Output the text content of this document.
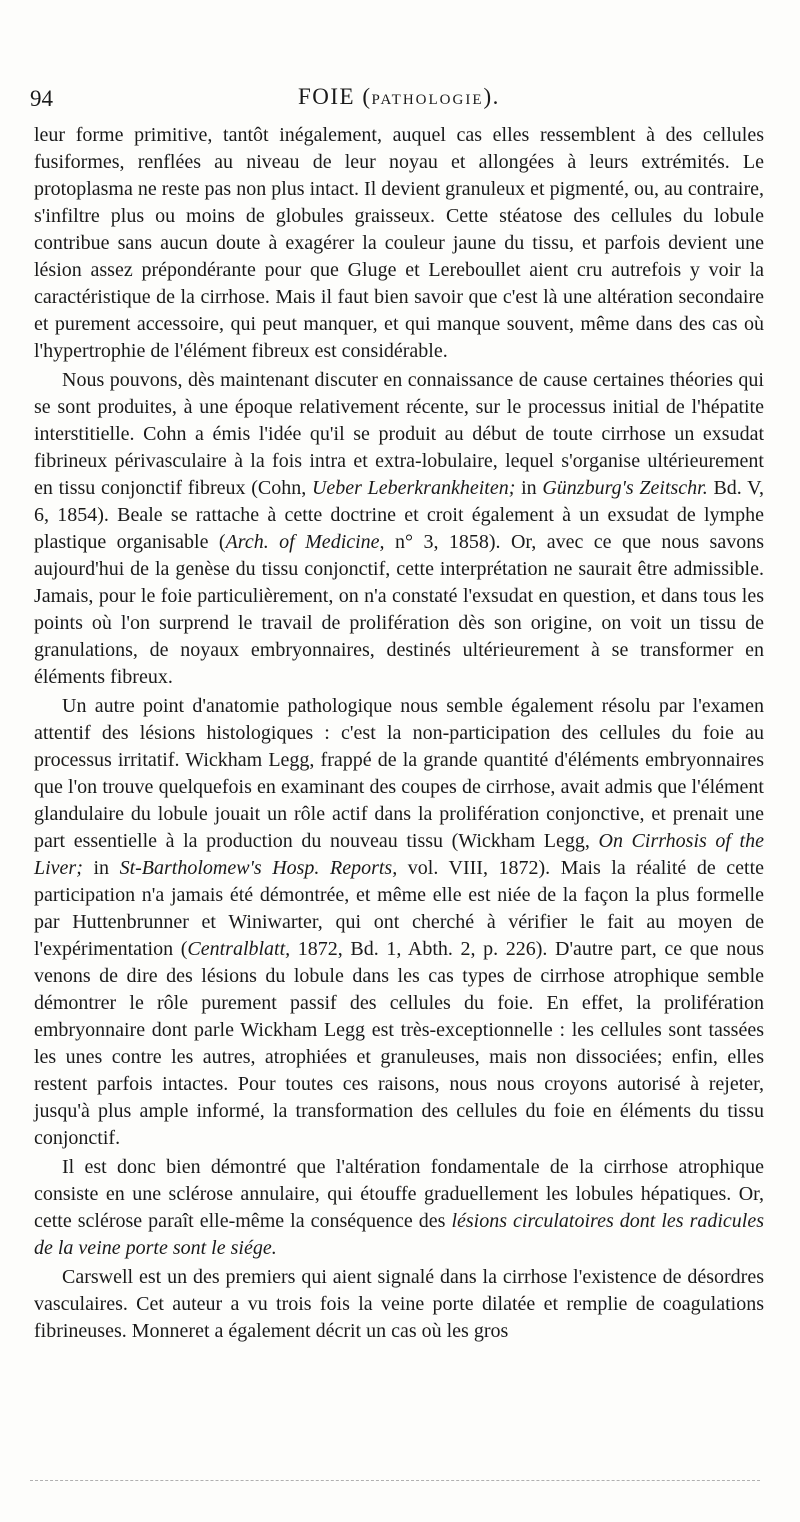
94	FOIE (PATHOLOGIE).

leur forme primitive, tantôt inégalement, auquel cas elles ressemblent à des cellules fusiformes, renflées au niveau de leur noyau et allongées à leurs extrémités. Le protoplasma ne reste pas non plus intact. Il devient granuleux et pigmenté, ou, au contraire, s'infiltre plus ou moins de globules graisseux. Cette stéatose des cellules du lobule contribue sans aucun doute à exagérer la couleur jaune du tissu, et parfois devient une lésion assez prépondérante pour que Gluge et Lereboullet aient cru autrefois y voir la caractéristique de la cirrhose. Mais il faut bien savoir que c'est là une altération secondaire et purement accessoire, qui peut manquer, et qui manque souvent, même dans des cas où l'hypertrophie de l'élément fibreux est considérable.

Nous pouvons, dès maintenant discuter en connaissance de cause certaines théories qui se sont produites, à une époque relativement récente, sur le processus initial de l'hépatite interstitielle. Cohn a émis l'idée qu'il se produit au début de toute cirrhose un exsudat fibrineux périvasculaire à la fois intra et extra-lobulaire, lequel s'organise ultérieurement en tissu conjonctif fibreux (Cohn, Ueber Leberkrankheiten; in Günzburg's Zeitschr. Bd. V, 6, 1854). Beale se rattache à cette doctrine et croit également à un exsudat de lymphe plastique organisable (Arch. of Medicine, n° 3, 1858). Or, avec ce que nous savons aujourd'hui de la genèse du tissu conjonctif, cette interprétation ne saurait être admissible. Jamais, pour le foie particulièrement, on n'a constaté l'exsudat en question, et dans tous les points où l'on surprend le travail de prolifération dès son origine, on voit un tissu de granulations, de noyaux embryonnaires, destinés ultérieurement à se transformer en éléments fibreux.

Un autre point d'anatomie pathologique nous semble également résolu par l'examen attentif des lésions histologiques : c'est la non-participation des cellules du foie au processus irritatif. Wickham Legg, frappé de la grande quantité d'éléments embryonnaires que l'on trouve quelquefois en examinant des coupes de cirrhose, avait admis que l'élément glandulaire du lobule jouait un rôle actif dans la prolifération conjonctive, et prenait une part essentielle à la production du nouveau tissu (Wickham Legg, On Cirrhosis of the Liver; in St-Bartholomew's Hosp. Reports, vol. VIII, 1872). Mais la réalité de cette participation n'a jamais été démontrée, et même elle est niée de la façon la plus formelle par Huttenbrunner et Winiwarter, qui ont cherché à vérifier le fait au moyen de l'expérimentation (Centralblatt, 1872, Bd. 1, Abth. 2, p. 226). D'autre part, ce que nous venons de dire des lésions du lobule dans les cas types de cirrhose atrophique semble démontrer le rôle purement passif des cellules du foie. En effet, la prolifération embryonnaire dont parle Wickham Legg est très-exceptionnelle : les cellules sont tassées les unes contre les autres, atrophiées et granuleuses, mais non dissociées; enfin, elles restent parfois intactes. Pour toutes ces raisons, nous nous croyons autorisé à rejeter, jusqu'à plus ample informé, la transformation des cellules du foie en éléments du tissu conjonctif.

Il est donc bien démontré que l'altération fondamentale de la cirrhose atrophique consiste en une sclérose annulaire, qui étouffe graduellement les lobules hépatiques. Or, cette sclérose paraît elle-même la conséquence des lésions circulatoires dont les radicules de la veine porte sont le siége.

Carswell est un des premiers qui aient signalé dans la cirrhose l'existence de désordres vasculaires. Cet auteur a vu trois fois la veine porte dilatée et remplie de coagulations fibrineuses. Monneret a également décrit un cas où les gros
